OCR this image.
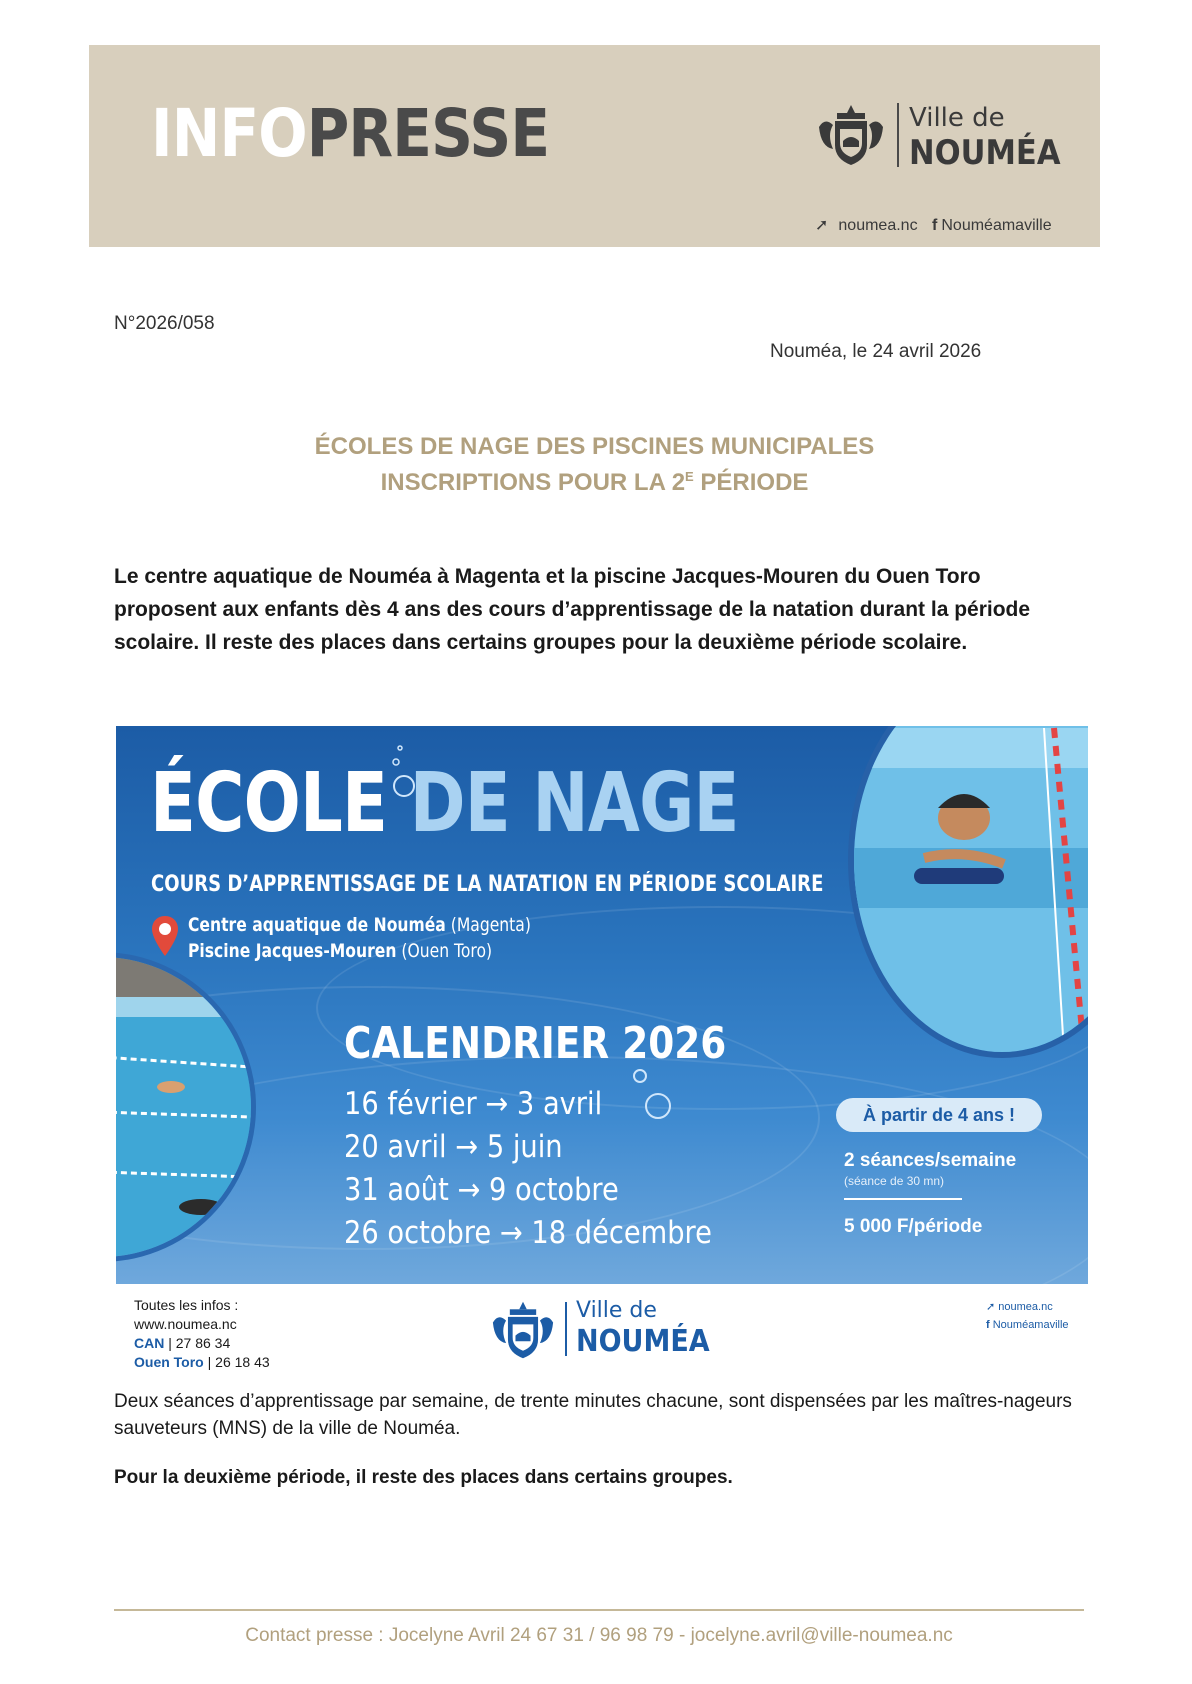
INFOPRESSE	Ville de
NOUMÉA
➚ noumea.nc f Nouméamaville
N°2026/058
Nouméa, le 24 avril 2026
ÉCOLES DE NAGE DES PISCINES MUNICIPALES
INSCRIPTIONS POUR LA $2^E$ PÉRIODE
Le centre aquatique de Nouméa à Magenta et la piscine Jacques-Mouren du Ouen Toro proposent aux enfants dès 4 ans des cours d’apprentissage de la natation durant la période scolaire. Il reste des places dans certains groupes pour la deuxième période scolaire.
ÉCOLE DE NAGE
COURS D’APPRENTISSAGE DE LA NATATION EN PÉRIODE SCOLAIRE
Centre aquatique de Nouméa (Magenta)
Piscine Jacques-Mouren (Ouen Toro)
CALENDRIER 2026
16 février → 3 avril
20 avril → 5 juin
31 août → 9 octobre
26 octobre → 18 décembre
À partir de 4 ans !
2 séances/semaine
(séance de 30 mn)
5 000 F/période
Toutes les infos :
www.noumea.nc
CAN | 27 86 34
Ouen Toro | 26 18 43
Ville de
NOUMÉA
➚ noumea.nc
f Nouméamaville
Deux séances d’apprentissage par semaine, de trente minutes chacune, sont dispensées par les maîtres-nageurs sauveteurs (MNS) de la ville de Nouméa.
Pour la deuxième période, il reste des places dans certains groupes.
Contact presse : Jocelyne Avril 24 67 31 / 96 98 79 - jocelyne.avril@ville-noumea.nc
